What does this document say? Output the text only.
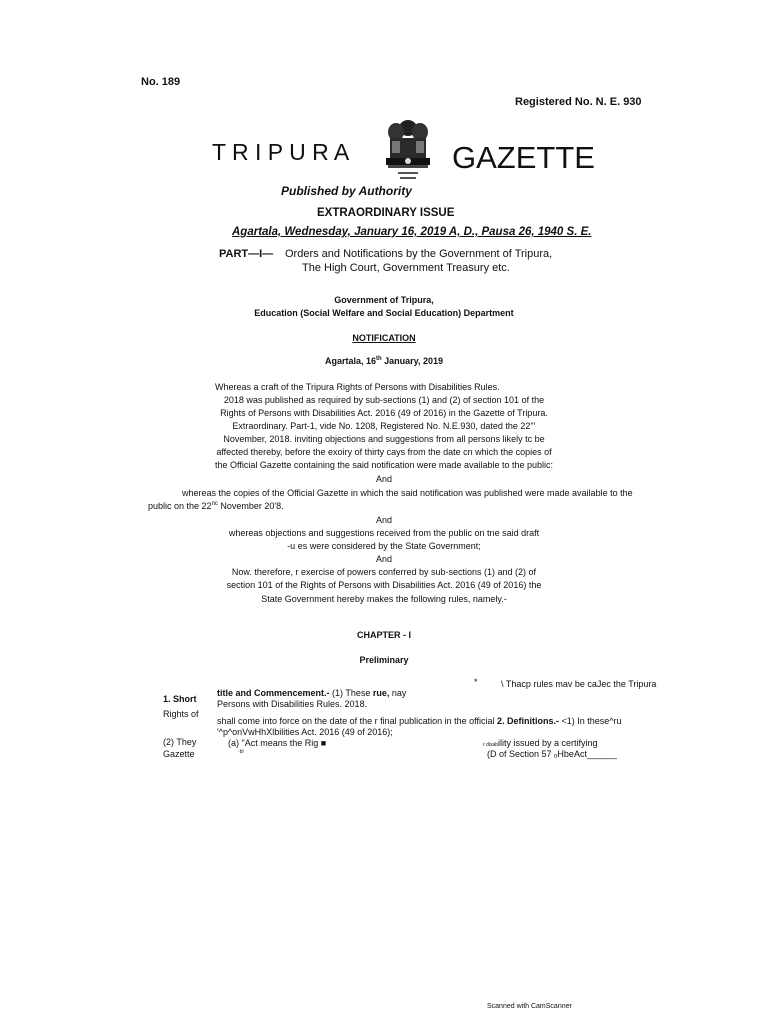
No. 189
Registered No. N. E. 930
T R I P U R A	GAZETTE
Published by Authority
EXTRAORDINARY ISSUE
Agartala, Wednesday, January 16, 2019 A, D., Pausa 26, 1940 S. E.
PART—I— Orders and Notifications by the Government of Tripura,
The High Court, Government Treasury etc.
Government of Tripura,
Education (Social Welfare and Social Education) Department
NOTIFICATION
Agartala, 16th January, 2019
Whereas a craft of the Tripura Rights of Persons with Disabilities Rules.
2018 was published as required by sub-sections (1) and (2) of section 101 of the
Rights of Persons with Disabilities Act. 2016 (49 of 2016) in the Gazette of Tripura.
Extraordinary. Part-1, vide No. 1208, Registered No. N.E.930, dated the 22"’
November, 2018. inviting objections and suggestions from all persons likely tc be
affected thereby, before the exoiry of thirty cays from the date cn which the copies of
the Official Gazette containing the said notification were made available to the public:
And
whereas the copies of the Official Gazette in which the said notification was published were made available to the
public on the $22^{nc}$ November 20'8.
And
whereas objections and suggestions received from the public on tne said draft
-u es were considered by the State Government;
And
Now. therefore, r exercise of powers conferred by sub-sections (1) and (2) of
section 101 of the Rights of Persons with Disabilities Act. 2016 (49 of 2016) the
State Government hereby makes the following rules, namely.-
CHAPTER - I
Preliminary
*	\ Thacp rules mav be caJec the Tripura
1. Short
title and Commencement.- (1) These rue, nay
Persons with Disabilities Rules. 2018.
Rights of
shall come into force on the date of the r final publication in the official 2. Definitions.- <1) In these^ru
'^p^onVwHhXlbilities Act. 2016 (49 of 2016);
(2) They	(a) "Act means the Rig ■
·bl
r disability issued by a certifying
Gazette	(D of Section 57 ₒHbeAct______
Scanned with CamScanner
